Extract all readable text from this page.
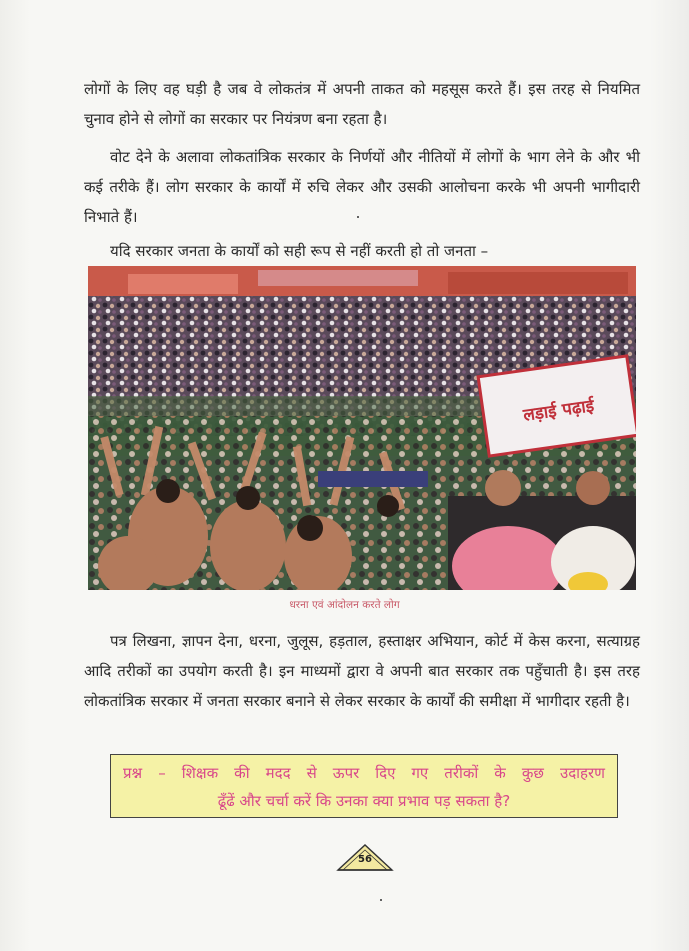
लोगों के लिए वह घड़ी है जब वे लोकतंत्र में अपनी ताकत को महसूस करते हैं। इस तरह से नियमित चुनाव होने से लोगों का सरकार पर नियंत्रण बना रहता है।

वोट देने के अलावा लोकतांत्रिक सरकार के निर्णयों और नीतियों में लोगों के भाग लेने के और भी कई तरीके हैं। लोग सरकार के कार्यों में रुचि लेकर और उसकी आलोचना करके भी अपनी भागीदारी निभाते हैं।

यदि सरकार जनता के कार्यों को सही रूप से नहीं करती हो तो जनता –

लड़ाई पढ़ाई
धरना एवं आंदोलन करते लोग

पत्र लिखना, ज्ञापन देना, धरना, जुलूस, हड़ताल, हस्ताक्षर अभियान, कोर्ट में केस करना, सत्याग्रह आदि तरीकों का उपयोग करती है। इन माध्यमों द्वारा वे अपनी बात सरकार तक पहुँचाती है। इस तरह लोकतांत्रिक सरकार में जनता सरकार बनाने से लेकर सरकार के कार्यों की समीक्षा में भागीदार रहती है।

प्रश्न – शिक्षक की मदद से ऊपर दिए गए तरीकों के कुछ उदाहरण
ढूँढें और चर्चा करें कि उनका क्या प्रभाव पड़ सकता है?
56
